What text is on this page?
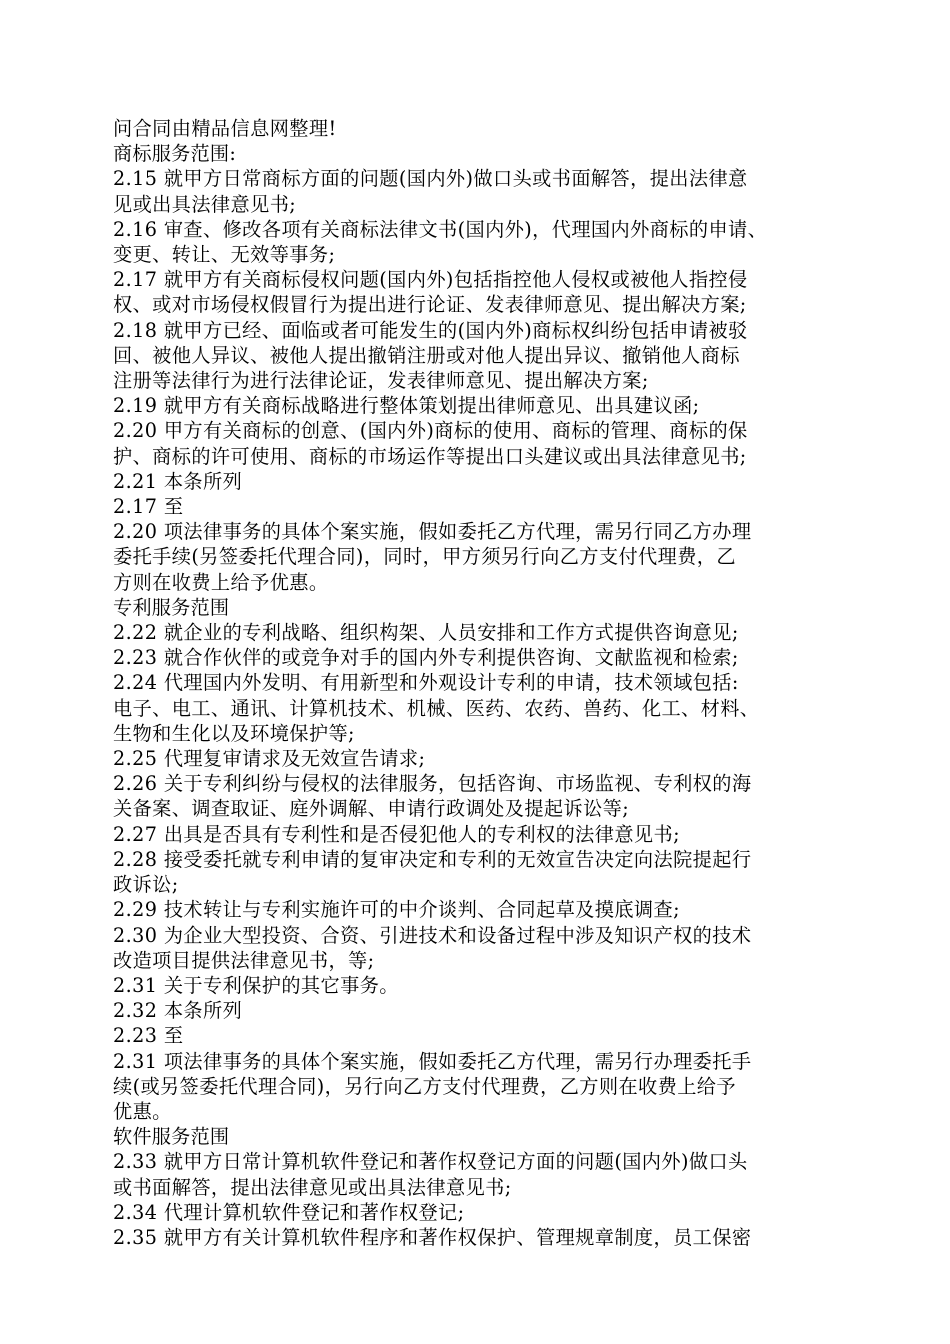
问合同由精品信息网整理!

商标服务范围:

2.15 就甲方日常商标方面的问题(国内外)做口头或书面解答，提出法律意

见或出具法律意见书;

2.16 审查、修改各项有关商标法律文书(国内外)，代理国内外商标的申请、

变更、转让、无效等事务;

2.17 就甲方有关商标侵权问题(国内外)包括指控他人侵权或被他人指控侵

权、或对市场侵权假冒行为提出进行论证、发表律师意见、提出解决方案;

2.18 就甲方已经、面临或者可能发生的(国内外)商标权纠纷包括申请被驳

回、被他人异议、被他人提出撤销注册或对他人提出异议、撤销他人商标

注册等法律行为进行法律论证，发表律师意见、提出解决方案;

2.19 就甲方有关商标战略进行整体策划提出律师意见、出具建议函;

2.20 甲方有关商标的创意、(国内外)商标的使用、商标的管理、商标的保

护、商标的许可使用、商标的市场运作等提出口头建议或出具法律意见书;

2.21 本条所列

2.17 至

2.20 项法律事务的具体个案实施，假如委托乙方代理，需另行同乙方办理

委托手续(另签委托代理合同)，同时，甲方须另行向乙方支付代理费，乙

方则在收费上给予优惠。

专利服务范围

2.22 就企业的专利战略、组织构架、人员安排和工作方式提供咨询意见;

2.23 就合作伙伴的或竞争对手的国内外专利提供咨询、文献监视和检索;

2.24 代理国内外发明、有用新型和外观设计专利的申请，技术领域包括:

电子、电工、通讯、计算机技术、机械、医药、农药、兽药、化工、材料、

生物和生化以及环境保护等;

2.25 代理复审请求及无效宣告请求;

2.26 关于专利纠纷与侵权的法律服务，包括咨询、市场监视、专利权的海

关备案、调查取证、庭外调解、申请行政调处及提起诉讼等;

2.27 出具是否具有专利性和是否侵犯他人的专利权的法律意见书;

2.28 接受委托就专利申请的复审决定和专利的无效宣告决定向法院提起行

政诉讼;

2.29 技术转让与专利实施许可的中介谈判、合同起草及摸底调查;

2.30 为企业大型投资、合资、引进技术和设备过程中涉及知识产权的技术

改造项目提供法律意见书，等;

2.31 关于专利保护的其它事务。

2.32 本条所列

2.23 至

2.31 项法律事务的具体个案实施，假如委托乙方代理，需另行办理委托手

续(或另签委托代理合同)，另行向乙方支付代理费，乙方则在收费上给予

优惠。

软件服务范围

2.33 就甲方日常计算机软件登记和著作权登记方面的问题(国内外)做口头

或书面解答，提出法律意见或出具法律意见书;

2.34 代理计算机软件登记和著作权登记;

2.35 就甲方有关计算机软件程序和著作权保护、管理规章制度，员工保密
